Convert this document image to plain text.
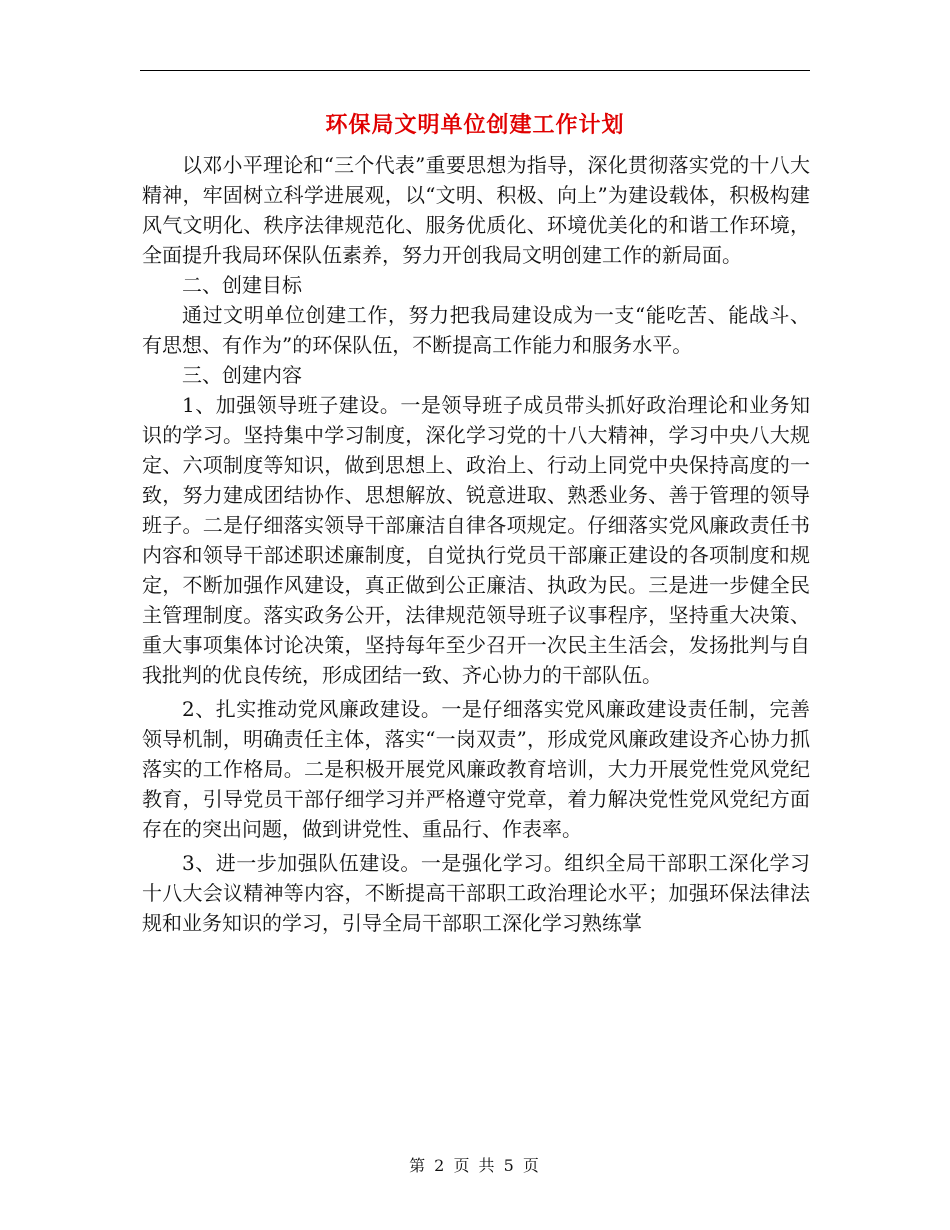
环保局文明单位创建工作计划

以邓小平理论和“三个代表”重要思想为指导，深化贯彻落实党的十八大精神，牢固树立科学进展观，以“文明、积极、向上”为建设载体，积极构建风气文明化、秩序法律规范化、服务优质化、环境优美化的和谐工作环境，全面提升我局环保队伍素养，努力开创我局文明创建工作的新局面。

二、创建目标

通过文明单位创建工作，努力把我局建设成为一支“能吃苦、能战斗、有思想、有作为”的环保队伍，不断提高工作能力和服务水平。

三、创建内容

1、加强领导班子建设。一是领导班子成员带头抓好政治理论和业务知识的学习。坚持集中学习制度，深化学习党的十八大精神，学习中央八大规定、六项制度等知识，做到思想上、政治上、行动上同党中央保持高度的一致，努力建成团结协作、思想解放、锐意进取、熟悉业务、善于管理的领导班子。二是仔细落实领导干部廉洁自律各项规定。仔细落实党风廉政责任书内容和领导干部述职述廉制度，自觉执行党员干部廉正建设的各项制度和规定，不断加强作风建设，真正做到公正廉洁、执政为民。三是进一步健全民主管理制度。落实政务公开，法律规范领导班子议事程序，坚持重大决策、重大事项集体讨论决策，坚持每年至少召开一次民主生活会，发扬批判与自我批判的优良传统，形成团结一致、齐心协力的干部队伍。

2、扎实推动党风廉政建设。一是仔细落实党风廉政建设责任制，完善领导机制，明确责任主体，落实“一岗双责”，形成党风廉政建设齐心协力抓落实的工作格局。二是积极开展党风廉政教育培训，大力开展党性党风党纪教育，引导党员干部仔细学习并严格遵守党章，着力解决党性党风党纪方面存在的突出问题，做到讲党性、重品行、作表率。

3、进一步加强队伍建设。一是强化学习。组织全局干部职工深化学习十八大会议精神等内容，不断提高干部职工政治理论水平；加强环保法律法规和业务知识的学习，引导全局干部职工深化学习熟练掌

第 2 页 共 5 页
